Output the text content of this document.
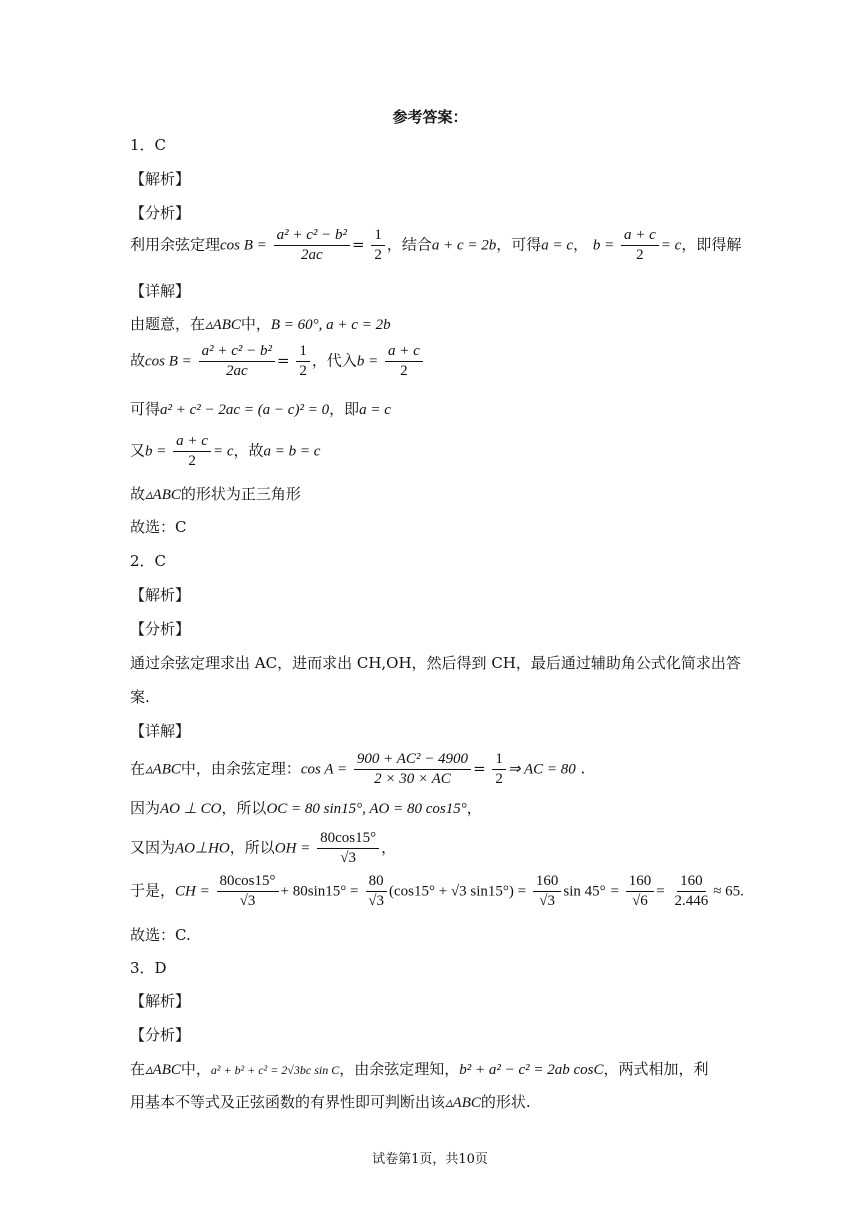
参考答案：
1．C
【解析】
【分析】
利用余弦定理$\cos B = \frac{\text{a² + c² − b²}}{2ac} = \frac{1}{2}$ ，结合a + c = 2b，可得a = c， $b = \frac{a + c}{2} = c$，即得解
【详解】
由题意，在▵ABC中，B = 60°, a + c = 2b
故$\cos B = \frac{\text{a² + c² − b²}}{2ac} = \frac{1}{2}$ ，代入$b = \frac{a + c}{2}$
可得a² + c² − 2ac = (a − c)² = 0，即a = c
又$b = \frac{a + c}{2} = c$，故a = b = c
故▵ABC的形状为正三角形
故选：C
2．C
【解析】
【分析】
通过余弦定理求出 AC，进而求出 CH,OH，然后得到 CH，最后通过辅助角公式化简求出答
案.
【详解】
在▵ABC中，由余弦定理：$\cos A = \frac{\text{900 + AC² − 4900}}{2 \times 30 \times AC} = \frac{1}{2}$ ⇒ AC = 80 .
因为AO ⊥ CO，所以OC = 80 sin15°, AO = 80 cos15°，
又因为AO⊥HO，所以OH = $\frac{80\cos 15^\circ}{√3}$ ，
于是，CH = $\frac{80\cos 15^\circ}{√3} + 80\sin 15^\circ = \frac{80}{√3} (\cos 15^\circ + √3$ $\sin 15^\circ) = \frac{160}{√3}$ $\sin 45^\circ = \frac{160}{√6} = \frac{160}{2.446} \approx 65$.
故选：C.
3．D
【解析】
【分析】
在▵ABC中，a² + b² + c² = 2√3bc sin C，由余弦定理知，b² + a² − c² = 2ab cosC，两式相加，利
用基本不等式及正弦函数的有界性即可判断出该▵ABC的形状.
试卷第1页，共10页
